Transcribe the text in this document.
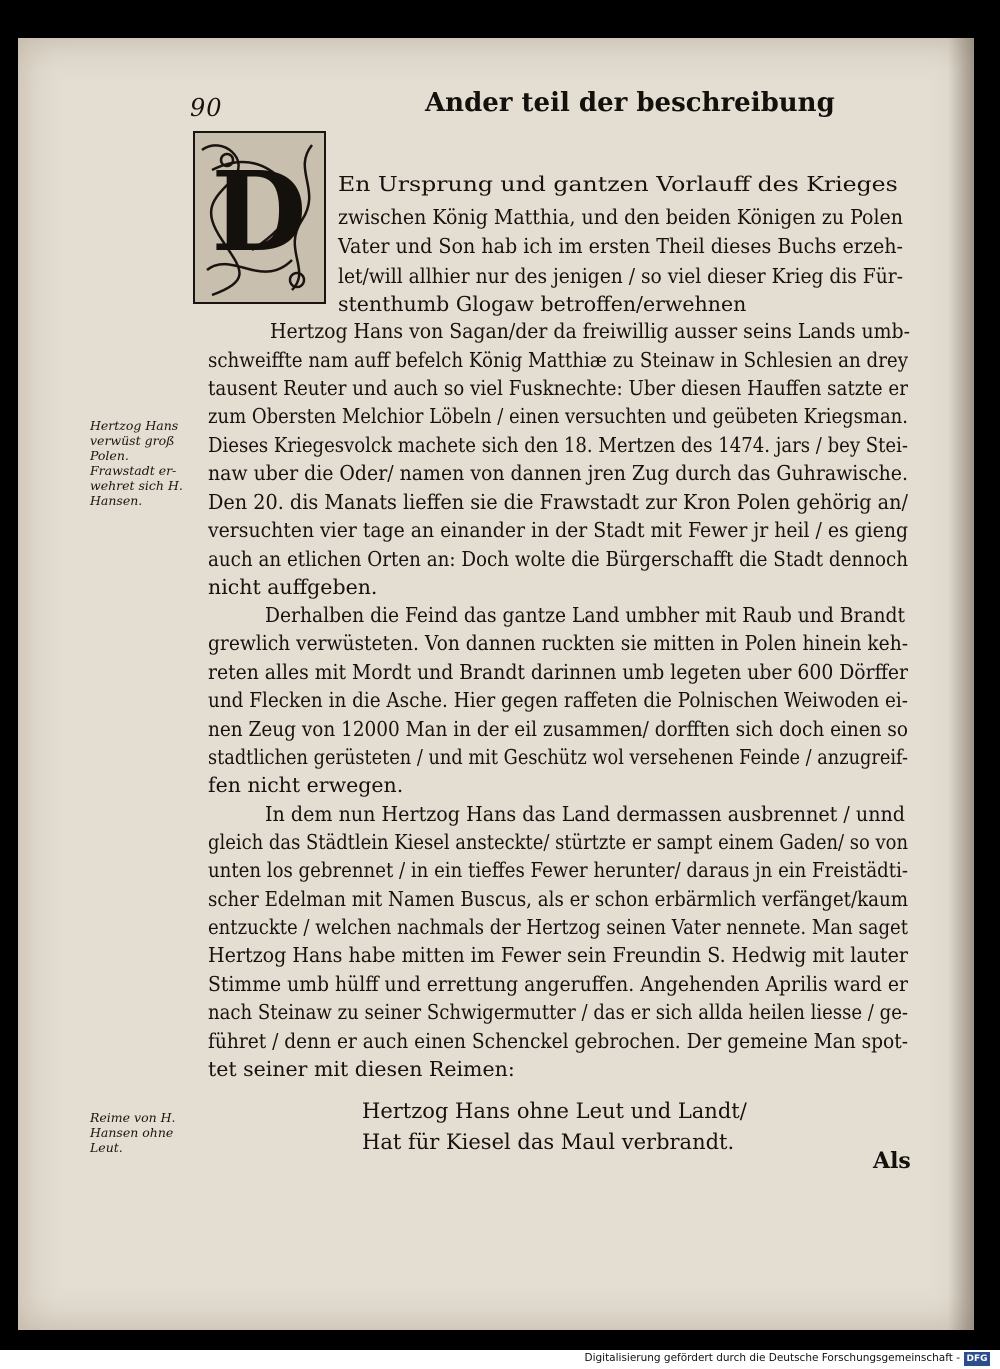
90	Ander teil der beschreibung
D En Ursprung und gantzen Vorlauff des Krieges
zwischen König Matthia, und den beiden Königen zu Polen
Vater und Son hab ich im ersten Theil dieses Buchs erzeh-
let/will allhier nur des jenigen / so viel dieser Krieg dis Für-
stenthumb Glogaw betroffen/erwehnen
Hertzog Hans von Sagan/der da freiwillig ausser seins Lands umb-
schweiffte nam auff befelch König Matthiæ zu Steinaw in Schlesien an drey
tausent Reuter und auch so viel Fusknechte: Uber diesen Hauffen satzte er
zum Obersten Melchior Löbeln / einen versuchten und geübeten Kriegsman.
Dieses Kriegesvolck machete sich den 18. Mertzen des 1474. jars / bey Stei-
naw uber die Oder/ namen von dannen jren Zug durch das Guhrawische.
Den 20. dis Manats lieffen sie die Frawstadt zur Kron Polen gehörig an/
versuchten vier tage an einander in der Stadt mit Fewer jr heil / es gieng
auch an etlichen Orten an: Doch wolte die Bürgerschafft die Stadt dennoch
nicht auffgeben.
Derhalben die Feind das gantze Land umbher mit Raub und Brandt
grewlich verwüsteten. Von dannen ruckten sie mitten in Polen hinein keh-
reten alles mit Mordt und Brandt darinnen umb legeten uber 600 Dörffer
und Flecken in die Asche. Hier gegen raffeten die Polnischen Weiwoden ei-
nen Zeug von 12000 Man in der eil zusammen/ dorfften sich doch einen so
stadtlichen gerüsteten / und mit Geschütz wol versehenen Feinde / anzugreif-
fen nicht erwegen.
In dem nun Hertzog Hans das Land dermassen ausbrennet / unnd
gleich das Städtlein Kiesel ansteckte/ stürtzte er sampt einem Gaden/ so von
unten los gebrennet / in ein tieffes Fewer herunter/ daraus jn ein Freistädti-
scher Edelman mit Namen Buscus, als er schon erbärmlich verfänget/kaum
entzuckte / welchen nachmals der Hertzog seinen Vater nennete. Man saget
Hertzog Hans habe mitten im Fewer sein Freundin S. Hedwig mit lauter
Stimme umb hülff und errettung angeruffen. Angehenden Aprilis ward er
nach Steinaw zu seiner Schwigermutter / das er sich allda heilen liesse / ge-
führet / denn er auch einen Schenckel gebrochen. Der gemeine Man spot-
tet seiner mit diesen Reimen:
Hertzog Hans ohne Leut und Landt/
Hat für Kiesel das Maul verbrandt.
Hertzog Hans
verwüst groß
Polen.
Frawstadt er-
wehret sich H.
Hansen.
Reime von H.
Hansen ohne
Leut.
Als
Digitalisierung gefördert durch die Deutsche Forschungsgemeinschaft - DFG
